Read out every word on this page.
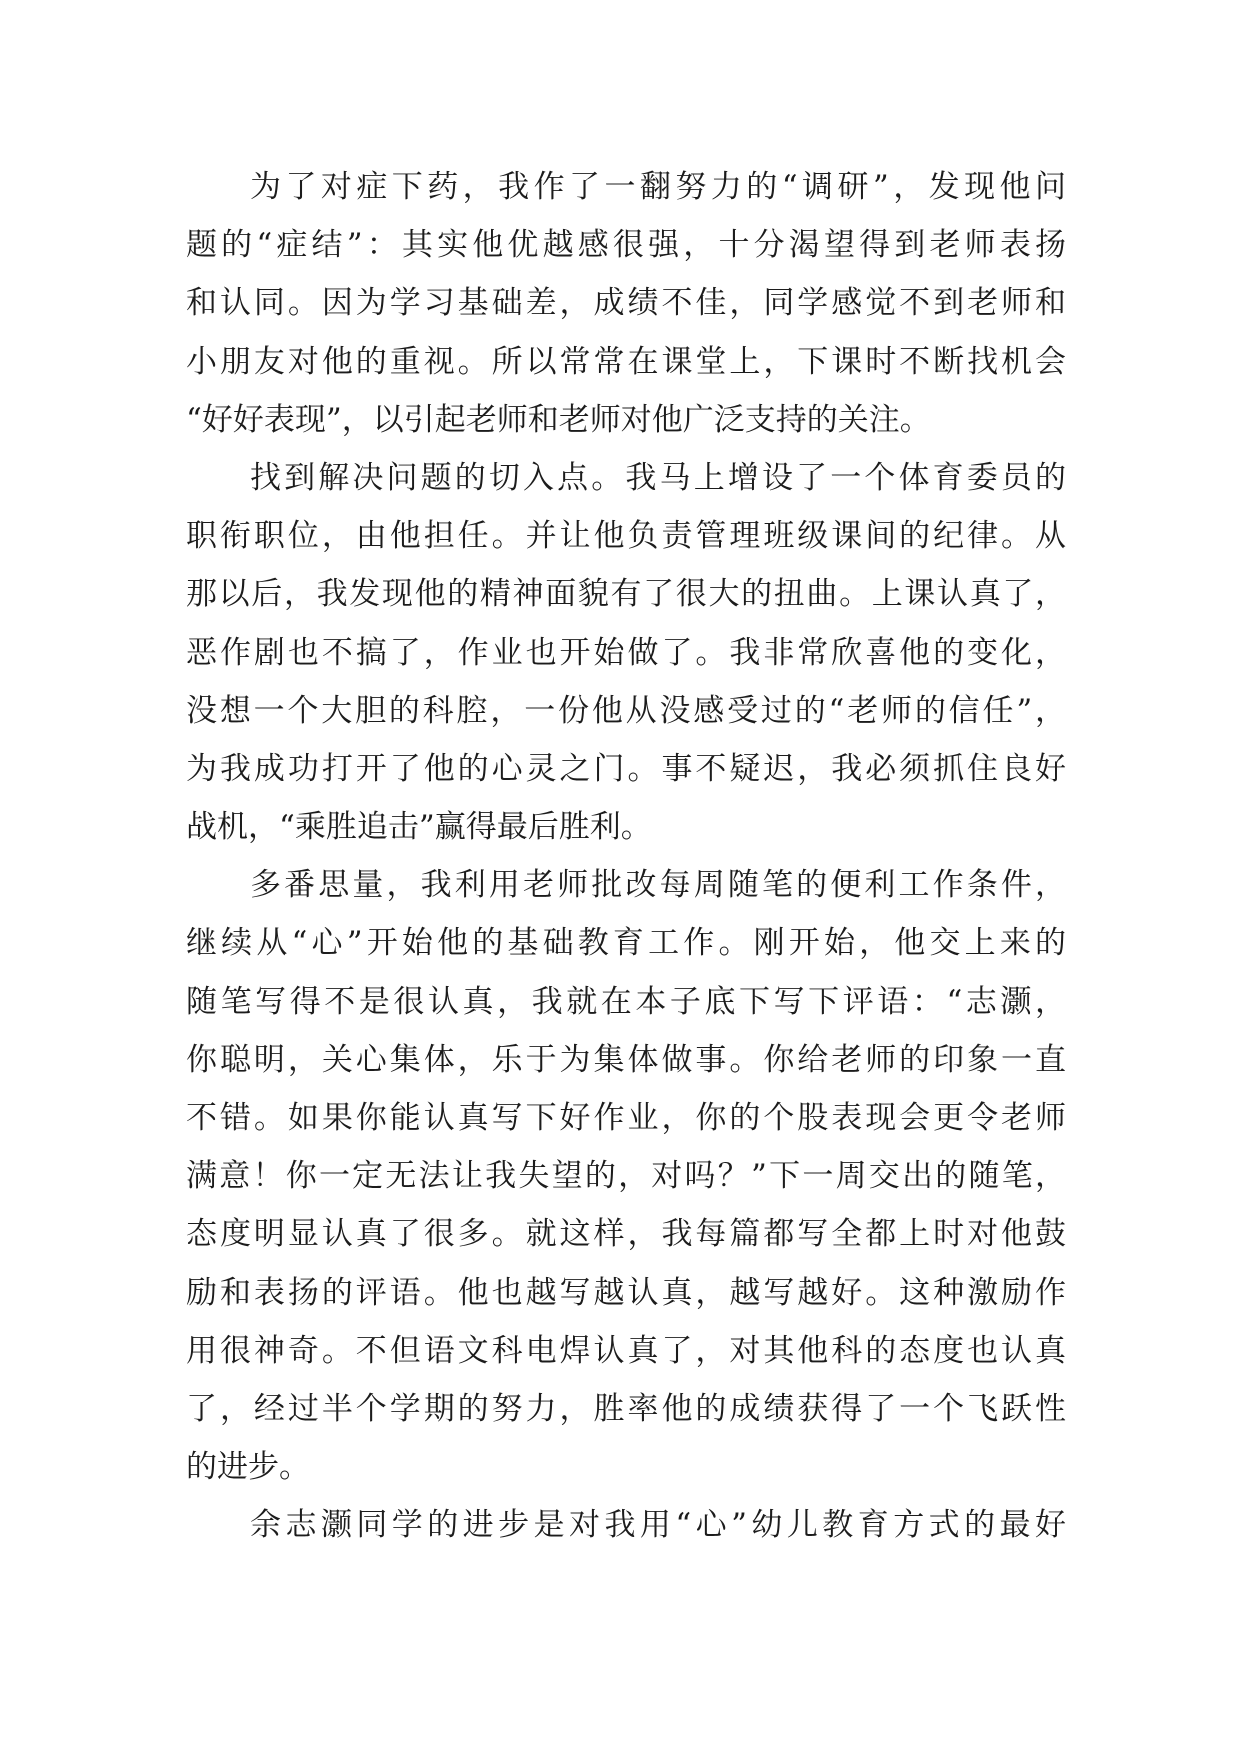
为了对症下药，我作了一翻努力的“调研”，发现他问
题的“症结”：其实他优越感很强，十分渴望得到老师表扬
和认同。因为学习基础差，成绩不佳，同学感觉不到老师和
小朋友对他的重视。所以常常在课堂上，下课时不断找机会
“好好表现”，以引起老师和老师对他广泛支持的关注。
找到解决问题的切入点。我马上增设了一个体育委员的
职衔职位，由他担任。并让他负责管理班级课间的纪律。从
那以后，我发现他的精神面貌有了很大的扭曲。上课认真了，
恶作剧也不搞了，作业也开始做了。我非常欣喜他的变化，
没想一个大胆的科腔，一份他从没感受过的“老师的信任”，
为我成功打开了他的心灵之门。事不疑迟，我必须抓住良好
战机，“乘胜追击”赢得最后胜利。
多番思量，我利用老师批改每周随笔的便利工作条件，
继续从“心”开始他的基础教育工作。刚开始，他交上来的
随笔写得不是很认真，我就在本子底下写下评语：“志灏，
你聪明，关心集体，乐于为集体做事。你给老师的印象一直
不错。如果你能认真写下好作业，你的个股表现会更令老师
满意！你一定无法让我失望的，对吗？”下一周交出的随笔，
态度明显认真了很多。就这样，我每篇都写全都上时对他鼓
励和表扬的评语。他也越写越认真，越写越好。这种激励作
用很神奇。不但语文科电焊认真了，对其他科的态度也认真
了，经过半个学期的努力，胜率他的成绩获得了一个飞跃性
的进步。
余志灏同学的进步是对我用“心”幼儿教育方式的最好
